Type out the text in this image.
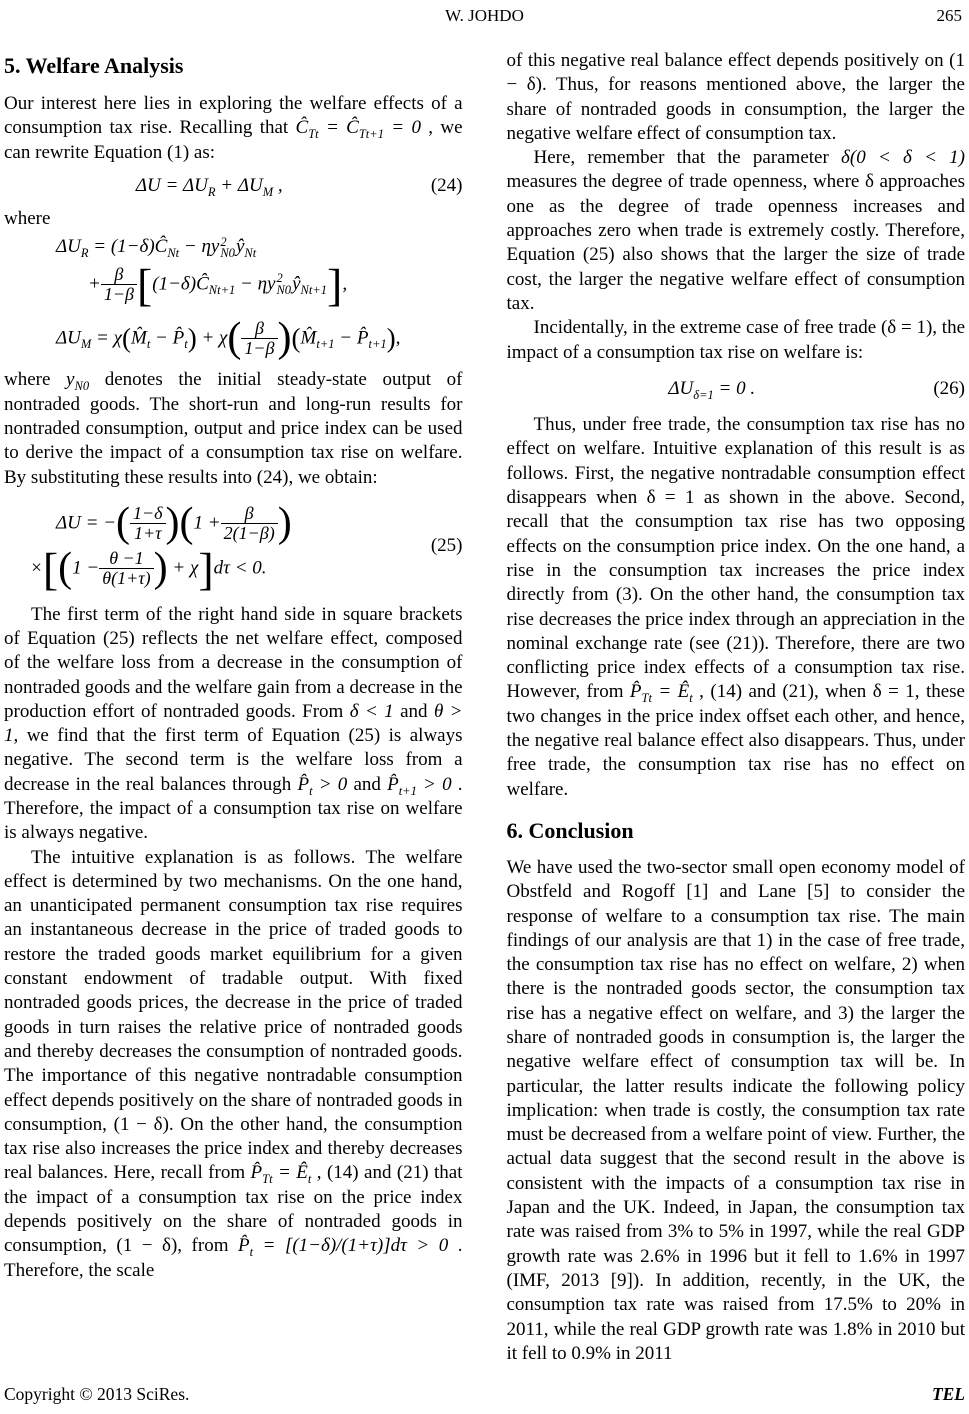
W. JOHDO	265
5. Welfare Analysis

Our interest here lies in exploring the welfare effects of a consumption tax rise. Recalling that $Ĉ_{Tt}$ = $Ĉ_{Tt+1} = 0$ , we can rewrite Equation (1) as:

$\Delta U = \Delta U_R + \Delta U_M$ ,	(24)

where

$\Delta U_R$ = $(1-\delta)Ĉ_{Nt} - \eta y$ 2
N0 $ŷ_{Nt}$
+ $\frac{\beta}{1-\beta}$ [$(1-\delta)Ĉ_{Nt+1} - \eta y$ 2
N0 $ŷ_{Nt+1}$],
$\Delta U_M$ = $\chi(M̂_t$ − $P̂_t) + \chi( \frac{\beta}{1-\beta}$ )($M̂_{t+1}$ − $P̂_{t+1}$),

where $y_{N0}$ denotes the initial steady-state output of nontraded goods. The short-run and long-run results for nontraded consumption, output and price index can be used to derive the impact of a consumption tax rise on welfare. By substituting these results into (24), we obtain:

ΔU = −( $\frac{1-\delta}{1+\tau} )(1 + \frac{\beta}{2(1-\beta)}$ )
$\times[(1 - \frac{\theta -1}{\theta(1+\tau)}$ ) + χ]dτ < 0.
(25)

The first term of the right hand side in square brackets of Equation (25) reflects the net welfare effect, composed of the welfare loss from a decrease in the consumption of nontraded goods and the welfare gain from a decrease in the production effort of nontraded goods. From δ < 1 and θ > 1, we find that the first term of Equation (25) is always negative. The second term is the welfare loss from a decrease in the real balances through $P̂_t > 0$ and $P̂_{t+1} > 0$ . Therefore, the impact of a consumption tax rise on welfare is always negative.

The intuitive explanation is as follows. The welfare effect is determined by two mechanisms. On the one hand, an unanticipated permanent consumption tax rise requires an instantaneous decrease in the price of traded goods to restore the traded goods market equilibrium for a given constant endowment of tradable output. With fixed nontraded goods prices, the decrease in the price of traded goods in turn raises the relative price of nontraded goods and thereby decreases the consumption of nontraded goods. The importance of this negative nontradable consumption effect depends positively on the share of nontraded goods in consumption, (1 − δ). On the other hand, the consumption tax rise also increases the price index and thereby decreases real balances. Here, recall from $P̂_{Tt}$ = $Ê_t$ , (14) and (21) that the impact of a consumption tax rise on the price index depends positively on the share of nontraded goods in consumption, (1 − δ), from $P̂_t = [(1-\delta)/(1+\tau)]d\tau > 0$ . Therefore, the scale

of this negative real balance effect depends positively on (1 − δ). Thus, for reasons mentioned above, the larger the share of nontraded goods in consumption, the larger the negative welfare effect of consumption tax.

Here, remember that the parameter δ(0 < δ < 1) measures the degree of trade openness, where δ approaches one as the degree of trade openness increases and approaches zero when trade is extremely costly. Therefore, Equation (25) also shows that the larger the size of trade cost, the larger the negative welfare effect of consumption tax.

Incidentally, in the extreme case of free trade (δ = 1), the impact of a consumption tax rise on welfare is:

$\Delta U_{\delta=1} = 0$ .	(26)

Thus, under free trade, the consumption tax rise has no effect on welfare. Intuitive explanation of this result is as follows. First, the negative nontradable consumption effect disappears when δ = 1 as shown in the above. Second, recall that the consumption tax rise has two opposing effects on the consumption price index. On the one hand, a rise in the consumption tax increases the price index directly from (3). On the other hand, the consumption tax rise decreases the price index through an appreciation in the nominal exchange rate (see (21)). Therefore, there are two conflicting price index effects of a consumption tax rise. However, from $P̂_{Tt}$ = $Ê_t$ , (14) and (21), when δ = 1, these two changes in the price index offset each other, and hence, the negative real balance effect also disappears. Thus, under free trade, the consumption tax rise has no effect on welfare.

6. Conclusion

We have used the two-sector small open economy model of Obstfeld and Rogoff [1] and Lane [5] to consider the response of welfare to a consumption tax rise. The main findings of our analysis are that 1) in the case of free trade, the consumption tax rise has no effect on welfare, 2) when there is the nontraded goods sector, the consumption tax rise has a negative effect on welfare, and 3) the larger the share of nontraded goods in consumption is, the larger the negative welfare effect of consumption tax will be. In particular, the latter results indicate the following policy implication: when trade is costly, the consumption tax rate must be decreased from a welfare point of view. Further, the actual data suggest that the second result in the above is consistent with the impacts of a consumption tax rise in Japan and the UK. Indeed, in Japan, the consumption tax rate was raised from 3% to 5% in 1997, while the real GDP growth rate was 2.6% in 1996 but it fell to 1.6% in 1997 (IMF, 2013 [9]). In addition, recently, in the UK, the consumption tax rate was raised from 17.5% to 20% in 2011, while the real GDP growth rate was 1.8% in 2010 but it fell to 0.9% in 2011

Copyright © 2013 SciRes.	TEL
